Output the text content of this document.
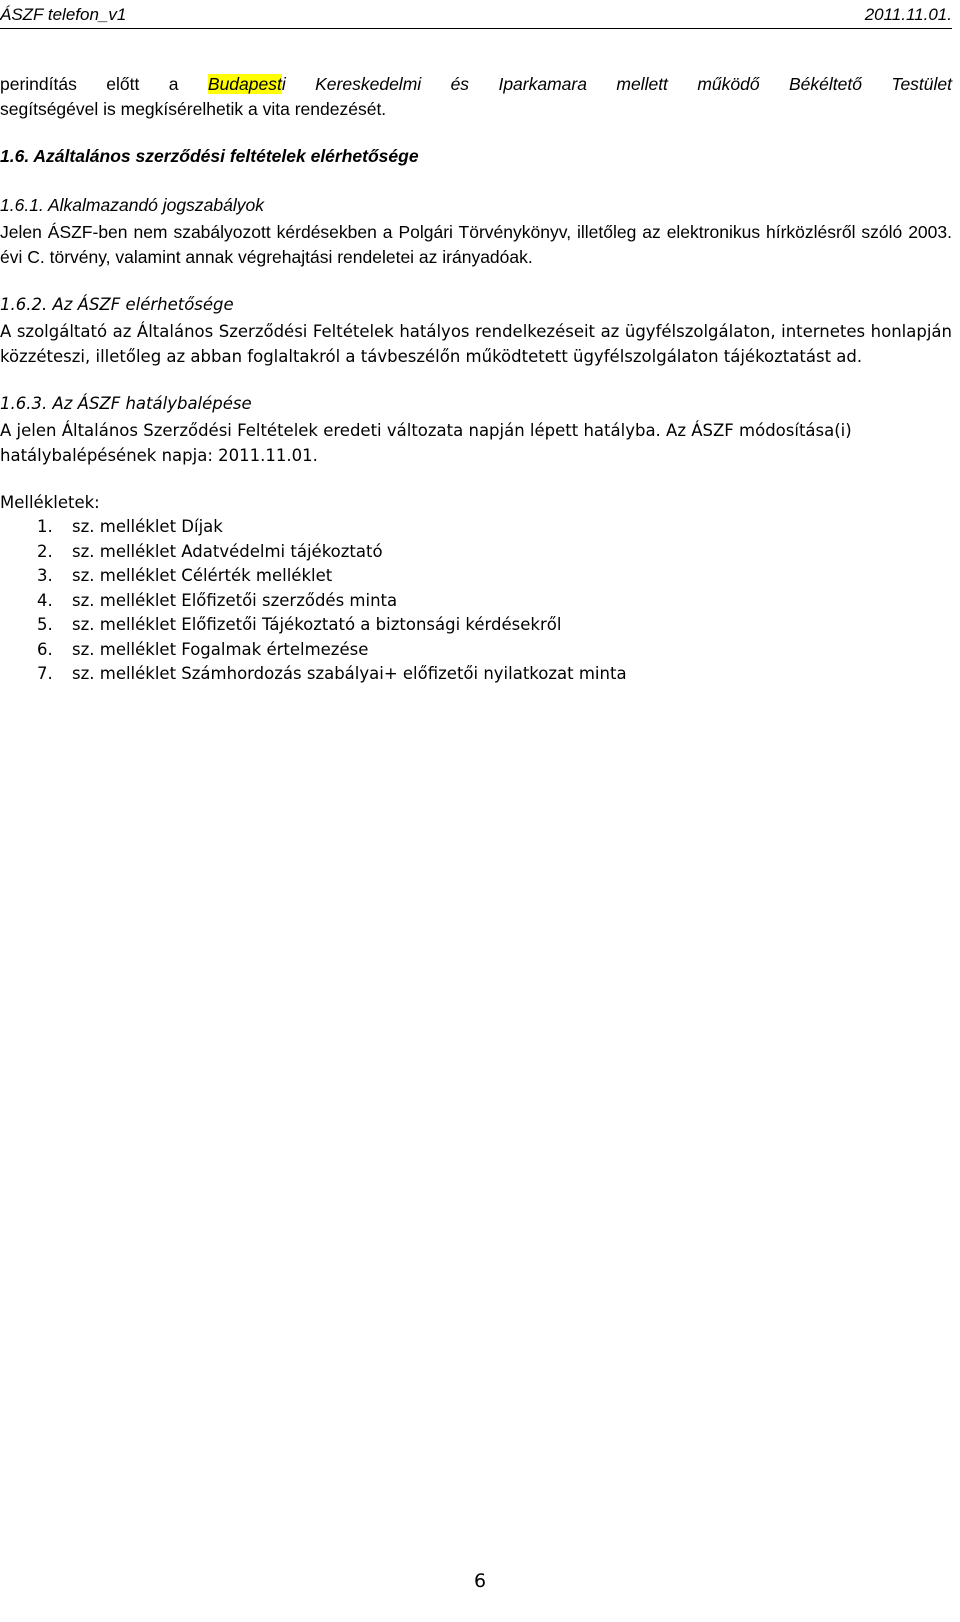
ÁSZF telefon_v1	2011.11.01.

perindítás előtt a Budapesti Kereskedelmi és Iparkamara mellett működő Békéltető Testület

segítségével is megkísérelhetik a vita rendezését.

1.6. Azáltalános szerződési feltételek elérhetősége

1.6.1. Alkalmazandó jogszabályok

Jelen ÁSZF-ben nem szabályozott kérdésekben a Polgári Törvénykönyv, illetőleg az elektronikus hírközlésről szóló 2003. évi C. törvény, valamint annak végrehajtási rendeletei az irányadóak.

1.6.2. Az ÁSZF elérhetősége

A szolgáltató az Általános Szerződési Feltételek hatályos rendelkezéseit az ügyfélszolgálaton, internetes honlapján közzéteszi, illetőleg az abban foglaltakról a távbeszélőn működtetett ügyfélszolgálaton tájékoztatást ad.

1.6.3. Az ÁSZF hatálybalépése

A jelen Általános Szerződési Feltételek eredeti változata napján lépett hatályba. Az ÁSZF módosítása(i) hatálybalépésének napja: 2011.11.01.

Mellékletek:

1.	sz. melléklet Díjak
2.	sz. melléklet Adatvédelmi tájékoztató
3.	sz. melléklet Célérték melléklet
4.	sz. melléklet Előfizetői szerződés minta
5.	sz. melléklet Előfizetői Tájékoztató a biztonsági kérdésekről
6.	sz. melléklet Fogalmak értelmezése
7.	sz. melléklet Számhordozás szabályai+ előfizetői nyilatkozat minta
6
